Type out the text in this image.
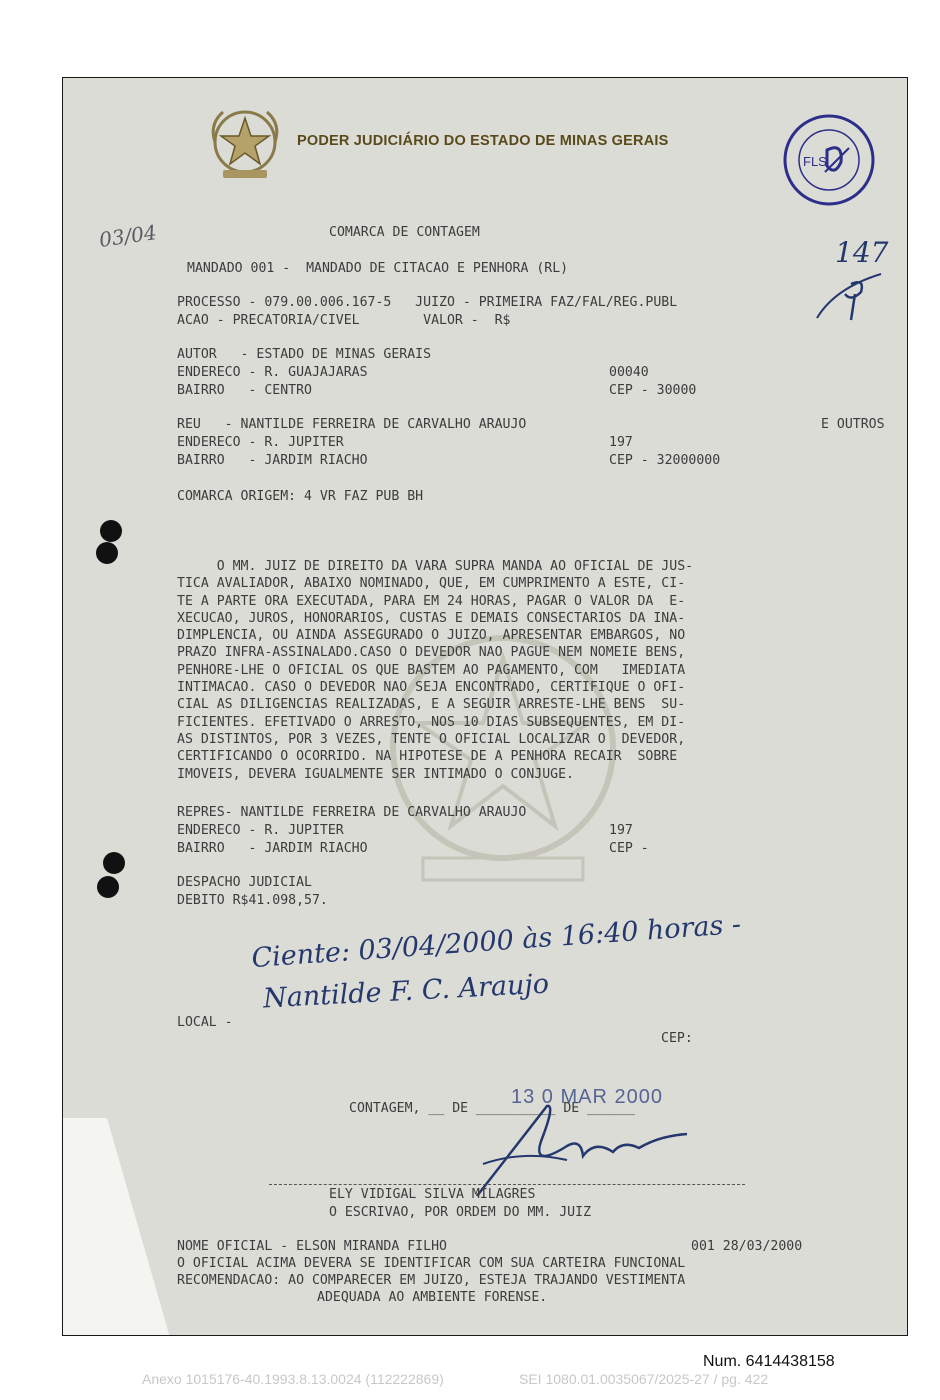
PODER JUDICIÁRIO DO ESTADO DE MINAS GERAIS
FLS
03/04	147
COMARCA DE CONTAGEM
MANDADO 001 -  MANDADO DE CITACAO E PENHORA (RL)
PROCESSO - 079.00.006.167-5   JUIZO - PRIMEIRA FAZ/FAL/REG.PUBL
ACAO - PRECATORIA/CIVEL        VALOR -  R$
AUTOR   - ESTADO DE MINAS GERAIS
ENDERECO - R. GUAJAJARAS	00040
BAIRRO   - CENTRO	CEP - 30000
REU   - NANTILDE FERREIRA DE CARVALHO ARAUJO	E OUTROS
ENDERECO - R. JUPITER	197
BAIRRO   - JARDIM RIACHO	CEP - 32000000
COMARCA ORIGEM: 4 VR FAZ PUB BH
O MM. JUIZ DE DIREITO DA VARA SUPRA MANDA AO OFICIAL DE JUS-
TICA AVALIADOR, ABAIXO NOMINADO, QUE, EM CUMPRIMENTO A ESTE, CI-
TE A PARTE ORA EXECUTADA, PARA EM 24 HORAS, PAGAR O VALOR DA  E-
XECUCAO, JUROS, HONORARIOS, CUSTAS E DEMAIS CONSECTARIOS DA INA-
DIMPLENCIA, OU AINDA ASSEGURADO O JUIZO, APRESENTAR EMBARGOS, NO
PRAZO INFRA-ASSINALADO.CASO O DEVEDOR NAO PAGUE NEM NOMEIE BENS,
PENHORE-LHE O OFICIAL OS QUE BASTEM AO PAGAMENTO, COM   IMEDIATA
INTIMACAO. CASO O DEVEDOR NAO SEJA ENCONTRADO, CERTIFIQUE O OFI-
CIAL AS DILIGENCIAS REALIZADAS, E A SEGUIR ARRESTE-LHE BENS  SU-
FICIENTES. EFETIVADO O ARRESTO, NOS 10 DIAS SUBSEQUENTES, EM DI-
AS DISTINTOS, POR 3 VEZES, TENTE O OFICIAL LOCALIZAR O  DEVEDOR,
CERTIFICANDO O OCORRIDO. NA HIPOTESE DE A PENHORA RECAIR  SOBRE
IMOVEIS, DEVERA IGUALMENTE SER INTIMADO O CONJUGE.
REPRES- NANTILDE FERREIRA DE CARVALHO ARAUJO
ENDERECO - R. JUPITER	197
BAIRRO   - JARDIM RIACHO	CEP -
DESPACHO JUDICIAL
DEBITO R$41.098,57.
Ciente: 03/04/2000 às 16:40 horas -
Nantilde F. C. Araujo
LOCAL -
CEP:
CONTAGEM, __ DE __________ DE ______
13 0 MAR 2000
ELY VIDIGAL SILVA MILAGRES
O ESCRIVAO, POR ORDEM DO MM. JUIZ
NOME OFICIAL - ELSON MIRANDA FILHO	001 28/03/2000
O OFICIAL ACIMA DEVERA SE IDENTIFICAR COM SUA CARTEIRA FUNCIONAL
RECOMENDACAO: AO COMPARECER EM JUIZO, ESTEJA TRAJANDO VESTIMENTA
ADEQUADA AO AMBIENTE FORENSE.
Num. 6414438158
Anexo 1015176-40.1993.8.13.0024 (112222869)	SEI 1080.01.0035067/2025-27 / pg. 422
